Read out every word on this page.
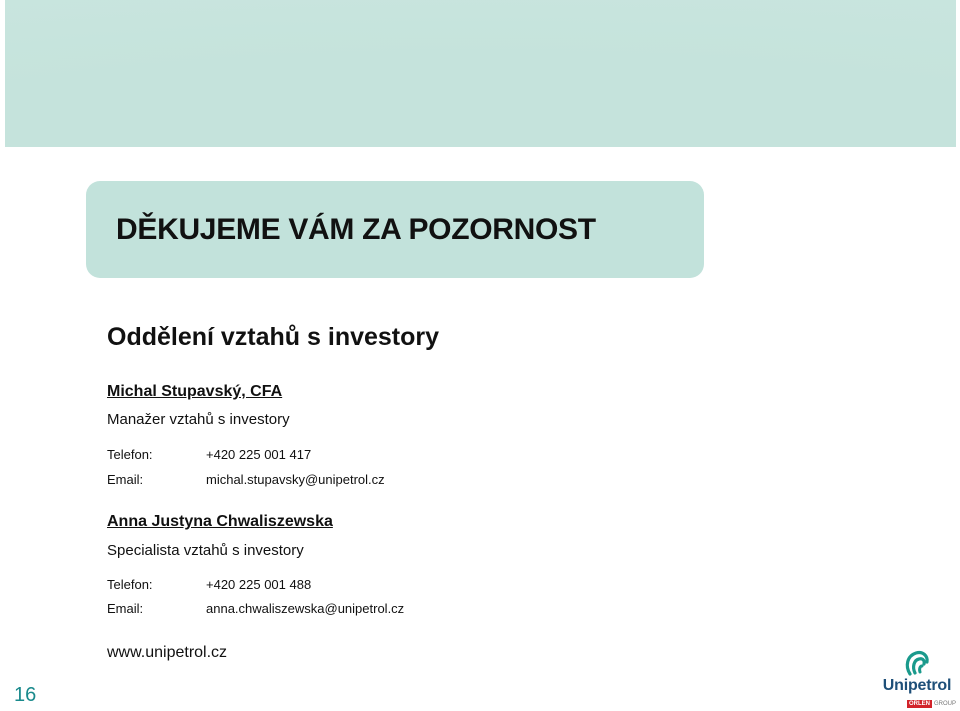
DĚKUJEME VÁM ZA POZORNOST
Oddělení vztahů s investory
Michal Stupavský, CFA
Manažer vztahů s investory
Telefon:	+420 225 001 417
Email:	michal.stupavsky@unipetrol.cz
Anna Justyna Chwaliszewska
Specialista vztahů s investory
Telefon:	+420 225 001 488
Email:	anna.chwaliszewska@unipetrol.cz
www.unipetrol.cz
16	Unipetrol
ORLEN GROUP
